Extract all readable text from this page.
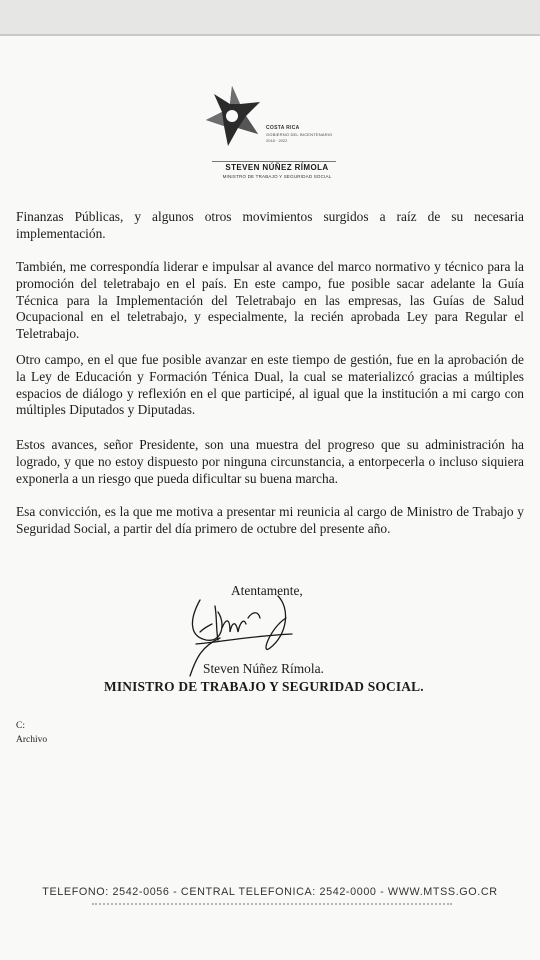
COSTA RICA
GOBIERNO DEL BICENTENARIO
2018 · 2022
STEVEN NÚÑEZ RÍMOLA
MINISTRO DE TRABAJO Y SEGURIDAD SOCIAL

Finanzas Públicas, y algunos otros movimientos surgidos a raíz de su necesaria implementación.

También, me correspondía liderar e impulsar al avance del marco normativo y técnico para la promoción del teletrabajo en el país. En este campo, fue posible sacar adelante la Guía Técnica para la Implementación del Teletrabajo en las empresas, las Guías de Salud Ocupacional en el teletrabajo, y especialmente, la recién aprobada Ley para Regular el Teletrabajo.

Otro campo, en el que fue posible avanzar en este tiempo de gestión, fue en la aprobación de la Ley de Educación y Formación Ténica Dual, la cual se materializcó gracias a múltiples espacios de diálogo y reflexión en el que participé, al igual que la institución a mi cargo con múltiples Diputados y Diputadas.

Estos avances, señor Presidente, son una muestra del progreso que su administración ha logrado, y que no estoy dispuesto por ninguna circunstancia, a entorpecerla o incluso siquiera exponerla a un riesgo que pueda dificultar su buena marcha.

Esa convicción, es la que me motiva a presentar mi reunicia al cargo de Ministro de Trabajo y Seguridad Social, a partir del día primero de octubre del presente año.

Atentamente,
Steven Núñez Rímola.
MINISTRO DE TRABAJO Y SEGURIDAD SOCIAL.
C:
Archivo
TELEFONO: 2542-0056 - CENTRAL TELEFONICA: 2542-0000 - WWW.MTSS.GO.CR
